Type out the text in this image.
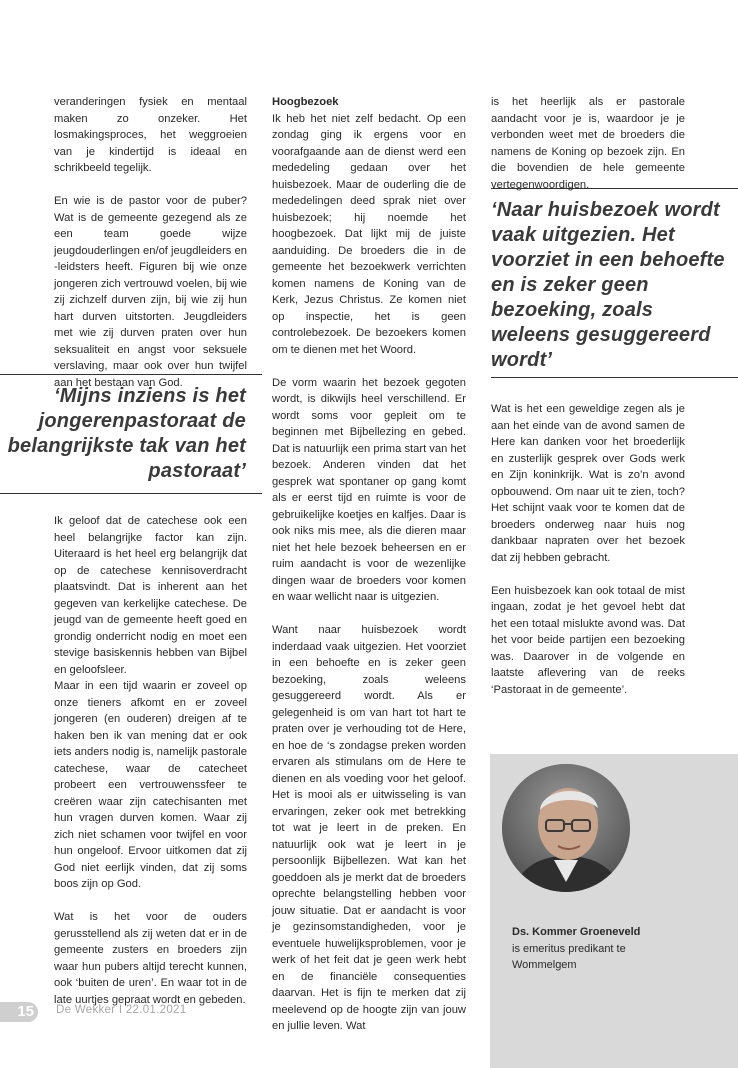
veranderingen fysiek en mentaal maken zo onzeker. Het losmakingsproces, het weggroeien van je kindertijd is ideaal en schrikbeeld tegelijk.

En wie is de pastor voor de puber? Wat is de gemeente gezegend als ze een team goede wijze jeugdouderlingen en/of jeugdleiders en -leidsters heeft. Figuren bij wie onze jongeren zich vertrouwd voelen, bij wie zij zichzelf durven zijn, bij wie zij hun hart durven uitstorten. Jeugdleiders met wie zij durven praten over hun seksualiteit en angst voor seksuele verslaving, maar ook over hun twijfel aan het bestaan van God.

Ik geloof dat de catechese ook een heel belangrijke factor kan zijn. Uiteraard is het heel erg belangrijk dat op de catechese kennisoverdracht plaatsvindt. Dat is inherent aan het gegeven van kerkelijke catechese. De jeugd van de gemeente heeft goed en grondig onderricht nodig en moet een stevige basiskennis hebben van Bijbel en geloofsleer.

Maar in een tijd waarin er zoveel op onze tieners afkomt en er zoveel jongeren (en ouderen) dreigen af te haken ben ik van mening dat er ook iets anders nodig is, namelijk pastorale catechese, waar de catecheet probeert een vertrouwenssfeer te creëren waar zijn catechisanten met hun vragen durven komen. Waar zij zich niet schamen voor twijfel en voor hun ongeloof. Ervoor uitkomen dat zij God niet eerlijk vinden, dat zij soms boos zijn op God.

Wat is het voor de ouders gerusstellend als zij weten dat er in de gemeente zusters en broeders zijn waar hun pubers altijd terecht kunnen, ook ‘buiten de uren’. En waar tot in de late uurtjes gepraat wordt en gebeden.

‘Mijns inziens is het jongerenpastoraat de belangrijkste tak van het pastoraat’

Hoogbezoek

Ik heb het niet zelf bedacht. Op een zondag ging ik ergens voor en voorafgaande aan de dienst werd een mededeling gedaan over het huisbezoek. Maar de ouderling die de mededelingen deed sprak niet over huisbezoek; hij noemde het hoogbezoek. Dat lijkt mij de juiste aanduiding. De broeders die in de gemeente het bezoekwerk verrichten komen namens de Koning van de Kerk, Jezus Christus. Ze komen niet op inspectie, het is geen controlebezoek. De bezoekers komen om te dienen met het Woord.

De vorm waarin het bezoek gegoten wordt, is dikwijls heel verschillend. Er wordt soms voor gepleit om te beginnen met Bijbellezing en gebed. Dat is natuurlijk een prima start van het bezoek. Anderen vinden dat het gesprek wat spontaner op gang komt als er eerst tijd en ruimte is voor de gebruikelijke koetjes en kalfjes. Daar is ook niks mis mee, als die dieren maar niet het hele bezoek beheersen en er ruim aandacht is voor de wezenlijke dingen waar de broeders voor komen en waar wellicht naar is uitgezien.

Want naar huisbezoek wordt inderdaad vaak uitgezien. Het voorziet in een behoefte en is zeker geen bezoeking, zoals weleens gesuggereerd wordt. Als er gelegenheid is om van hart tot hart te praten over je verhouding tot de Here, en hoe de ‘s zondagse preken worden ervaren als stimulans om de Here te dienen en als voeding voor het geloof. Het is mooi als er uitwisseling is van ervaringen, zeker ook met betrekking tot wat je leert in de preken. En natuurlijk ook wat je leert in je persoonlijk Bijbellezen. Wat kan het goeddoen als je merkt dat de broeders oprechte belangstelling hebben voor jouw situatie. Dat er aandacht is voor je gezinsomstandigheden, voor je eventuele huwelijksproblemen, voor je werk of het feit dat je geen werk hebt en de financiële consequenties daarvan. Het is fijn te merken dat zij meelevend op de hoogte zijn van jouw en jullie leven. Wat

is het heerlijk als er pastorale aandacht voor je is, waardoor je je verbonden weet met de broeders die namens de Koning op bezoek zijn. En die bovendien de hele gemeente vertegenwoordigen.

‘Naar huisbezoek wordt vaak uitgezien. Het voorziet in een behoefte en is zeker geen bezoeking, zoals weleens gesuggereerd wordt’

Wat is het een geweldige zegen als je aan het einde van de avond samen de Here kan danken voor het broederlijk en zusterlijk gesprek over Gods werk en Zijn koninkrijk. Wat is zo’n avond opbouwend. Om naar uit te zien, toch? Het schijnt vaak voor te komen dat de broeders onderweg naar huis nog dankbaar napraten over het bezoek dat zij hebben gebracht.

Een huisbezoek kan ook totaal de mist ingaan, zodat je het gevoel hebt dat het een totaal mislukte avond was. Dat het voor beide partijen een bezoeking was. Daarover in de volgende en laatste aflevering van de reeks ‘Pastoraat in de gemeente’.

Ds. Kommer Groeneveld
is emeritus predikant te
Wommelgem
15	De Wekker I 22.01.2021
